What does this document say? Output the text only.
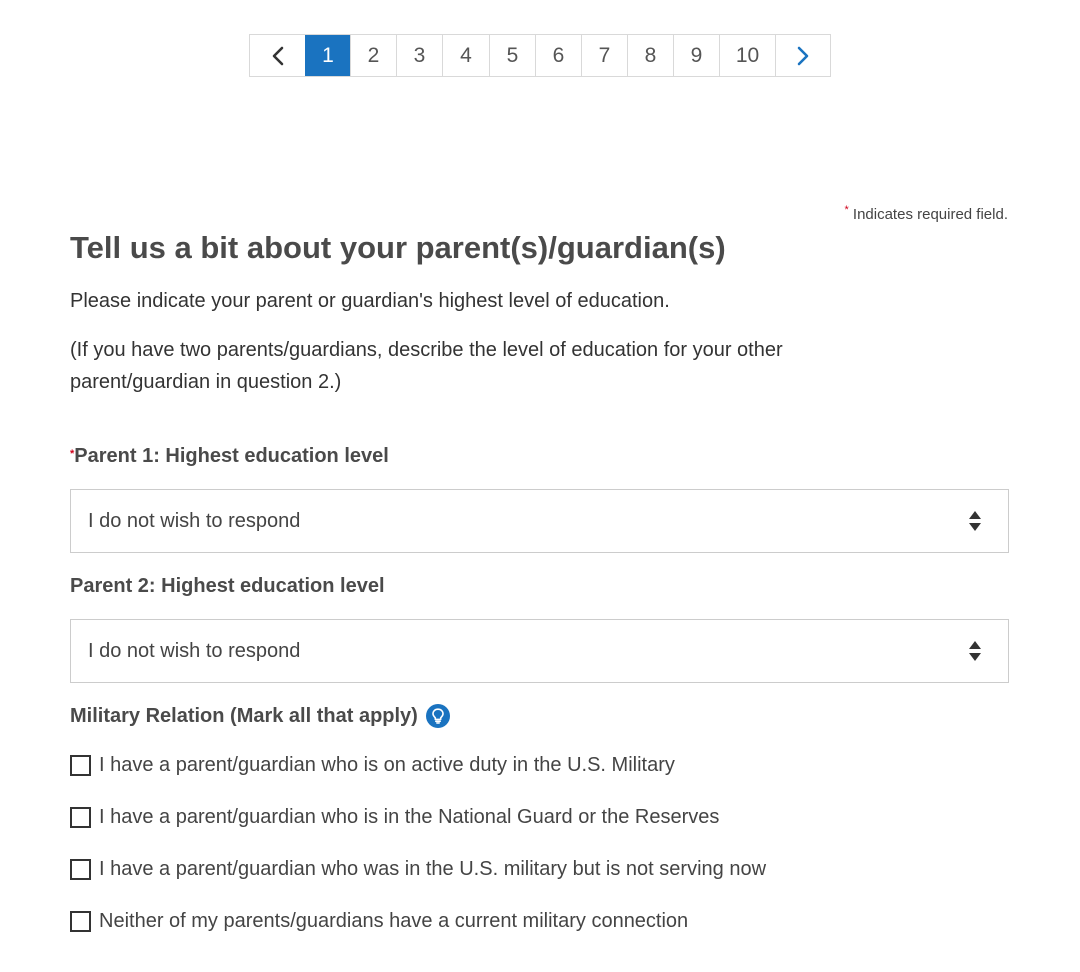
1	2	3	4	5	6	7	8	9	10
* Indicates required field.
Tell us a bit about your parent(s)/guardian(s)

Please indicate your parent or guardian's highest level of education.

(If you have two parents/guardians, describe the level of education for your other parent/guardian in question 2.)

* Parent 1: Highest education level
I do not wish to respond
Parent 2: Highest education level
I do not wish to respond
Military Relation (Mark all that apply)
I have a parent/guardian who is on active duty in the U.S. Military
I have a parent/guardian who is in the National Guard or the Reserves
I have a parent/guardian who was in the U.S. military but is not serving now
Neither of my parents/guardians have a current military connection
